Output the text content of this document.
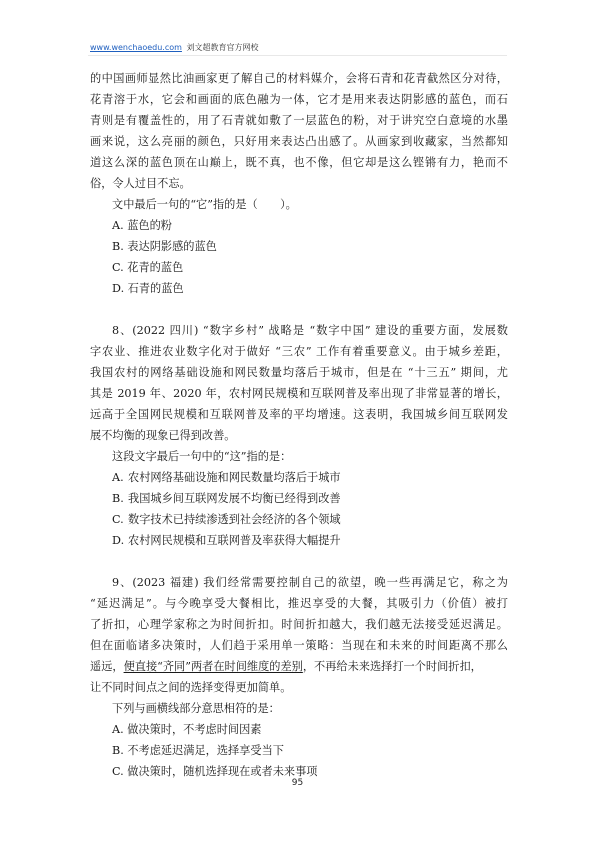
www.wenchaoedu.com 刘文超教育官方网校
的中国画师显然比油画家更了解自己的材料媒介，会将石青和花青截然区分对待，
花青溶于水，它会和画面的底色融为一体，它才是用来表达阴影感的蓝色，而石
青则是有覆盖性的，用了石青就如敷了一层蓝色的粉，对于讲究空白意境的水墨
画来说，这么亮丽的颜色，只好用来表达凸出感了。从画家到收藏家，当然都知
道这么深的蓝色顶在山巅上，既不真，也不像，但它却是这么铿锵有力，艳而不
俗，令人过目不忘。
文中最后一句的“它”指的是（　　）。
A. 蓝色的粉
B. 表达阴影感的蓝色
C. 花青的蓝色
D. 石青的蓝色
8、(2022 四川) “数字乡村” 战略是 “数字中国” 建设的重要方面，发展数
字农业、推进农业数字化对于做好 “三农” 工作有着重要意义。由于城乡差距，
我国农村的网络基础设施和网民数量均落后于城市，但是在 “十三五” 期间，尤
其是 2019 年、2020 年，农村网民规模和互联网普及率出现了非常显著的增长，
远高于全国网民规模和互联网普及率的平均增速。这表明，我国城乡间互联网发
展不均衡的现象已得到改善。
这段文字最后一句中的“这”指的是：
A. 农村网络基础设施和网民数量均落后于城市
B. 我国城乡间互联网发展不均衡已经得到改善
C. 数字技术已持续渗透到社会经济的各个领域
D. 农村网民规模和互联网普及率获得大幅提升
9、(2023 福建) 我们经常需要控制自己的欲望，晚一些再满足它，称之为
“延迟满足”。与今晚享受大餐相比，推迟享受的大餐，其吸引力（价值）被打
了折扣，心理学家称之为时间折扣。时间折扣越大，我们越无法接受延迟满足。
但在面临诸多决策时，人们趋于采用单一策略：当现在和未来的时间距离不那么
遥远，便直接“齐同”两者在时间维度的差别，不再给未来选择打一个时间折扣，
让不同时间点之间的选择变得更加简单。
下列与画横线部分意思相符的是：
A. 做决策时，不考虑时间因素
B. 不考虑延迟满足，选择享受当下
C. 做决策时，随机选择现在或者未来事项
95
